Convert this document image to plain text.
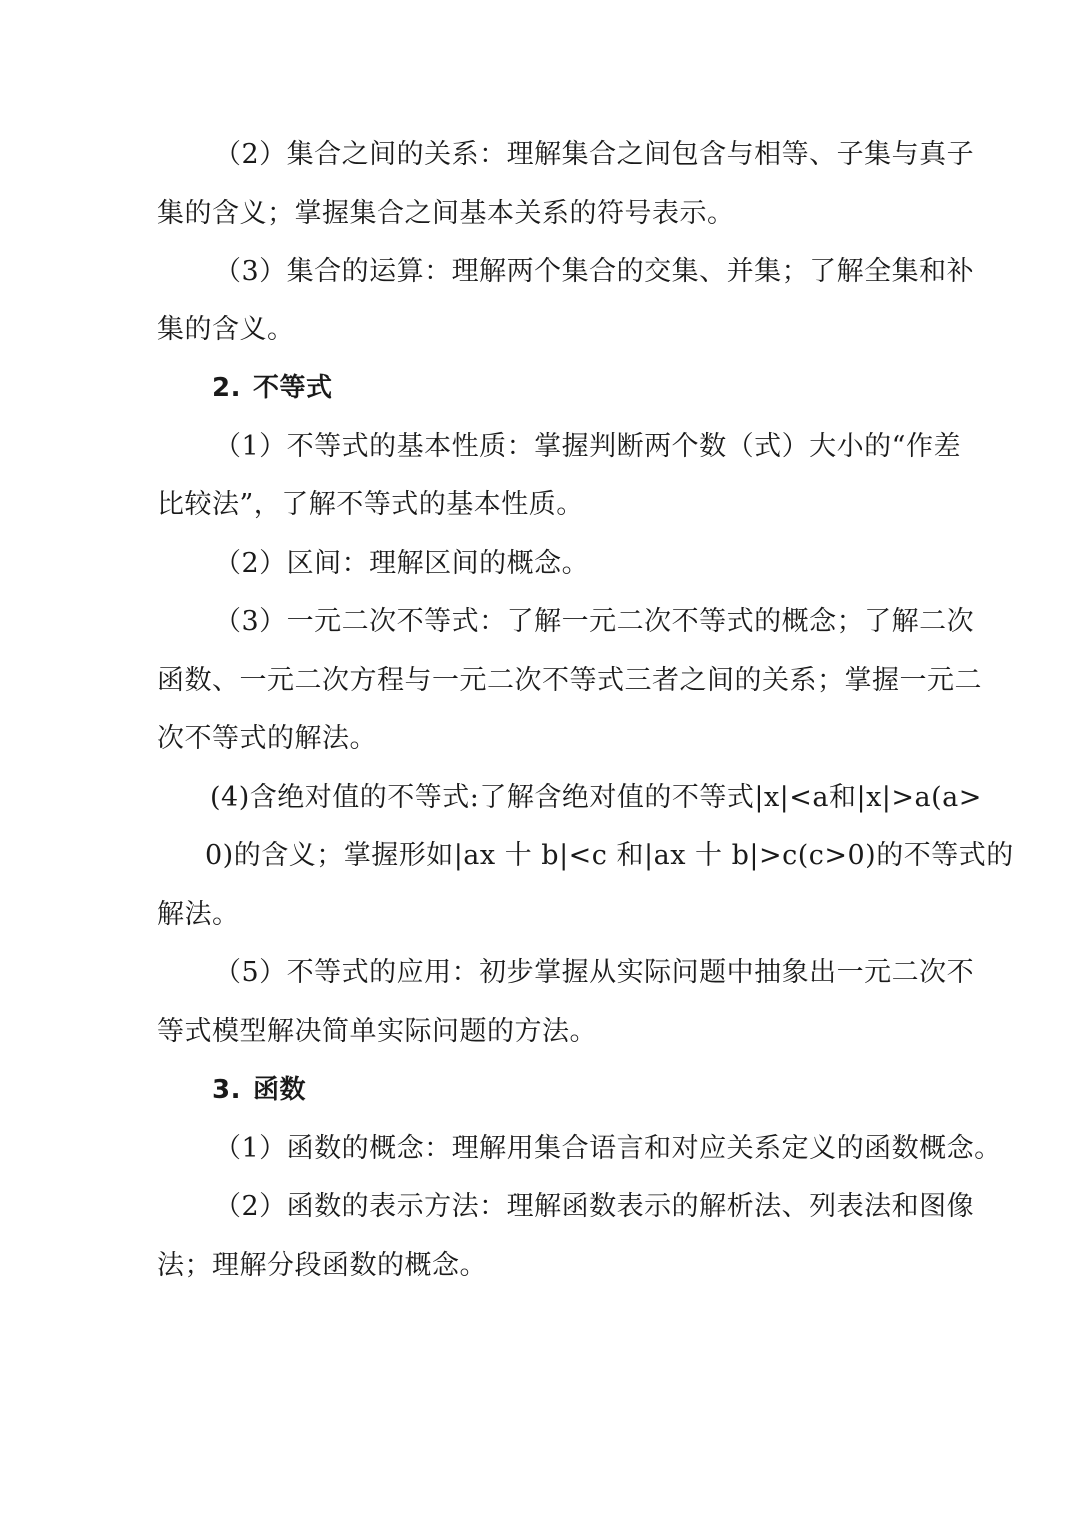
（2）集合之间的关系：理解集合之间包含与相等、子集与真子
集的含义；掌握集合之间基本关系的符号表示。
（3）集合的运算：理解两个集合的交集、并集；了解全集和补
集的含义。
2. 不等式
（1）不等式的基本性质：掌握判断两个数（式）大小的“作差
比较法”，了解不等式的基本性质。
（2）区间：理解区间的概念。
（3）一元二次不等式：了解一元二次不等式的概念；了解二次
函数、一元二次方程与一元二次不等式三者之间的关系；掌握一元二
次不等式的解法。
(4)含绝对值的不等式:了解含绝对值的不等式|x|<a和|x|>a(a>
0)的含义；掌握形如|ax 十 b|<c 和|ax 十 b|>c(c>0)的不等式的
解法。
（5）不等式的应用：初步掌握从实际问题中抽象出一元二次不
等式模型解决简单实际问题的方法。
3. 函数
（1）函数的概念：理解用集合语言和对应关系定义的函数概念。
（2）函数的表示方法：理解函数表示的解析法、列表法和图像
法；理解分段函数的概念。
